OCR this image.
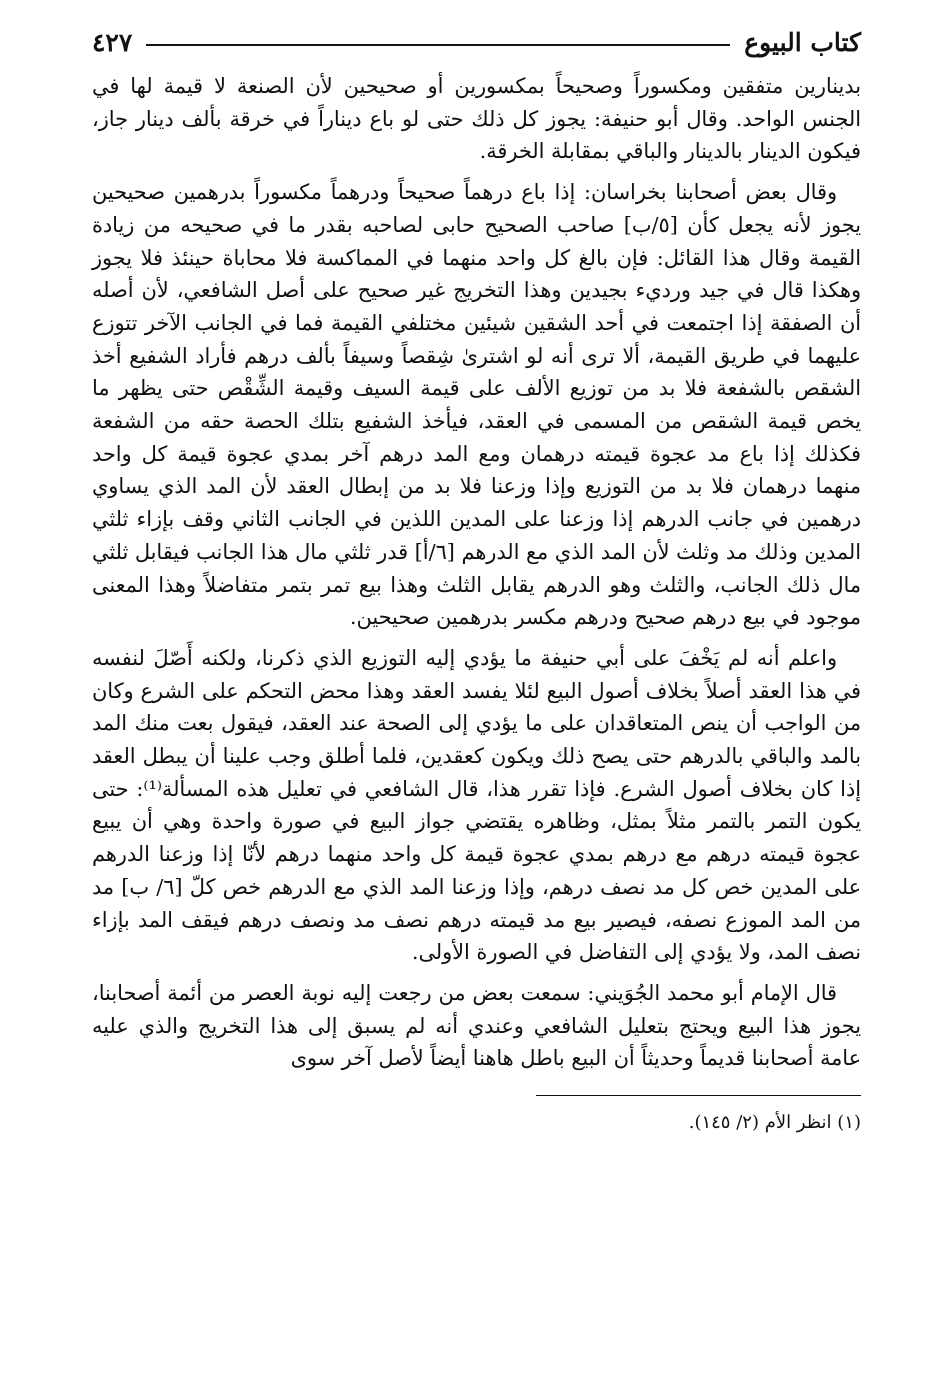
كتاب البيوع
٤٢٧

بدينارين متفقين ومكسوراً وصحيحاً بمكسورين أو صحيحين لأن الصنعة لا قيمة لها في الجنس الواحد. وقال أبو حنيفة: يجوز كل ذلك حتى لو باع ديناراً في خرقة بألف دينار جاز، فيكون الدينار بالدينار والباقي بمقابلة الخرقة.

وقال بعض أصحابنا بخراسان: إذا باع درهماً صحيحاً ودرهماً مكسوراً بدرهمين صحيحين يجوز لأنه يجعل كأن [٥/ب] صاحب الصحيح حابى لصاحبه بقدر ما في صحيحه من زيادة القيمة وقال هذا القائل: فإن بالغ كل واحد منهما في المماكسة فلا محاباة حينئذ فلا يجوز وهكذا قال في جيد ورديء بجيدين وهذا التخريج غير صحيح على أصل الشافعي، لأن أصله أن الصفقة إذا اجتمعت في أحد الشقين شيئين مختلفي القيمة فما في الجانب الآخر تتوزع عليهما في طريق القيمة، ألا ترى أنه لو اشترىٰ شِقصاً وسيفاً بألف درهم فأراد الشفيع أخذ الشقص بالشفعة فلا بد من توزيع الألف على قيمة السيف وقيمة الشِّقْص حتى يظهر ما يخص قيمة الشقص من المسمى في العقد، فيأخذ الشفيع بتلك الحصة حقه من الشفعة فكذلك إذا باع مد عجوة قيمته درهمان ومع المد درهم آخر بمدي عجوة قيمة كل واحد منهما درهمان فلا بد من التوزيع وإذا وزعنا فلا بد من إبطال العقد لأن المد الذي يساوي درهمين في جانب الدرهم إذا وزعنا على المدين اللذين في الجانب الثاني وقف بإزاء ثلثي المدين وذلك مد وثلث لأن المد الذي مع الدرهم [٦/أ] قدر ثلثي مال هذا الجانب فيقابل ثلثي مال ذلك الجانب، والثلث وهو الدرهم يقابل الثلث وهذا بيع تمر بتمر متفاضلاً وهذا المعنى موجود في بيع درهم صحيح ودرهم مكسر بدرهمين صحيحين.

واعلم أنه لم يَخْفَ على أبي حنيفة ما يؤدي إليه التوزيع الذي ذكرنا، ولكنه أَصّلَ لنفسه في هذا العقد أصلاً بخلاف أصول البيع لئلا يفسد العقد وهذا محض التحكم على الشرع وكان من الواجب أن ينص المتعاقدان على ما يؤدي إلى الصحة عند العقد، فيقول بعت منك المد بالمد والباقي بالدرهم حتى يصح ذلك ويكون كعقدين، فلما أطلق وجب علينا أن يبطل العقد إذا كان بخلاف أصول الشرع. فإذا تقرر هذا، قال الشافعي في تعليل هذه المسألة⁽¹⁾: حتى يكون التمر بالتمر مثلاً بمثل، وظاهره يقتضي جواز البيع في صورة واحدة وهي أن يبيع عجوة قيمته درهم مع درهم بمدي عجوة قيمة كل واحد منهما درهم لأنّا إذا وزعنا الدرهم على المدين خص كل مد نصف درهم، وإذا وزعنا المد الذي مع الدرهم خص كلّ [٦/ ب] مد من المد الموزع نصفه، فيصير بيع مد قيمته درهم نصف مد ونصف درهم فيقف المد بإزاء نصف المد، ولا يؤدي إلى التفاضل في الصورة الأولى.

قال الإمام أبو محمد الجُوَيني: سمعت بعض من رجعت إليه نوبة العصر من أئمة أصحابنا، يجوز هذا البيع ويحتج بتعليل الشافعي وعندي أنه لم يسبق إلى هذا التخريج والذي عليه عامة أصحابنا قديماً وحديثاً أن البيع باطل هاهنا أيضاً لأصل آخر سوى

(١) انظر الأم (٢/ ١٤٥).
